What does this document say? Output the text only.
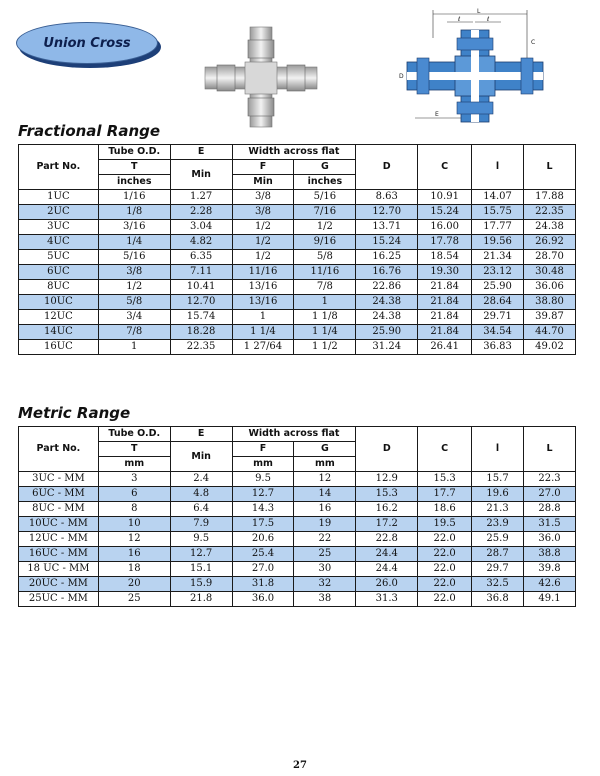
Union Cross
L
ℓ	ℓ
D
E
C
Fractional Range
Part No.	Tube O.D.	E	Width across flat		D	C	l	L
	T	Min	F	G				
	inches		Min	inches				
1UC	1/16	1.27	3/8	5/16	8.63	10.91	14.07	17.88
2UC	1/8	2.28	3/8	7/16	12.70	15.24	15.75	22.35
3UC	3/16	3.04	1/2	1/2	13.71	16.00	17.77	24.38
4UC	1/4	4.82	1/2	9/16	15.24	17.78	19.56	26.92
5UC	5/16	6.35	1/2	5/8	16.25	18.54	21.34	28.70
6UC	3/8	7.11	11/16	11/16	16.76	19.30	23.12	30.48
8UC	1/2	10.41	13/16	7/8	22.86	21.84	25.90	36.06
10UC	5/8	12.70	13/16	1	24.38	21.84	28.64	38.80
12UC	3/4	15.74	1	1 1/8	24.38	21.84	29.71	39.87
14UC	7/8	18.28	1 1/4	1 1/4	25.90	21.84	34.54	44.70
16UC	1	22.35	1 27/64	1 1/2	31.24	26.41	36.83	49.02
Metric Range
Part No.	Tube O.D.	E	Width across flat		D	C	l	L
	T	Min	F	G				
	mm		mm	mm				
3UC - MM	3	2.4	9.5	12	12.9	15.3	15.7	22.3
6UC - MM	6	4.8	12.7	14	15.3	17.7	19.6	27.0
8UC - MM	8	6.4	14.3	16	16.2	18.6	21.3	28.8
10UC - MM	10	7.9	17.5	19	17.2	19.5	23.9	31.5
12UC - MM	12	9.5	20.6	22	22.8	22.0	25.9	36.0
16UC - MM	16	12.7	25.4	25	24.4	22.0	28.7	38.8
18 UC - MM	18	15.1	27.0	30	24.4	22.0	29.7	39.8
20UC - MM	20	15.9	31.8	32	26.0	22.0	32.5	42.6
25UC - MM	25	21.8	36.0	38	31.3	22.0	36.8	49.1
27
